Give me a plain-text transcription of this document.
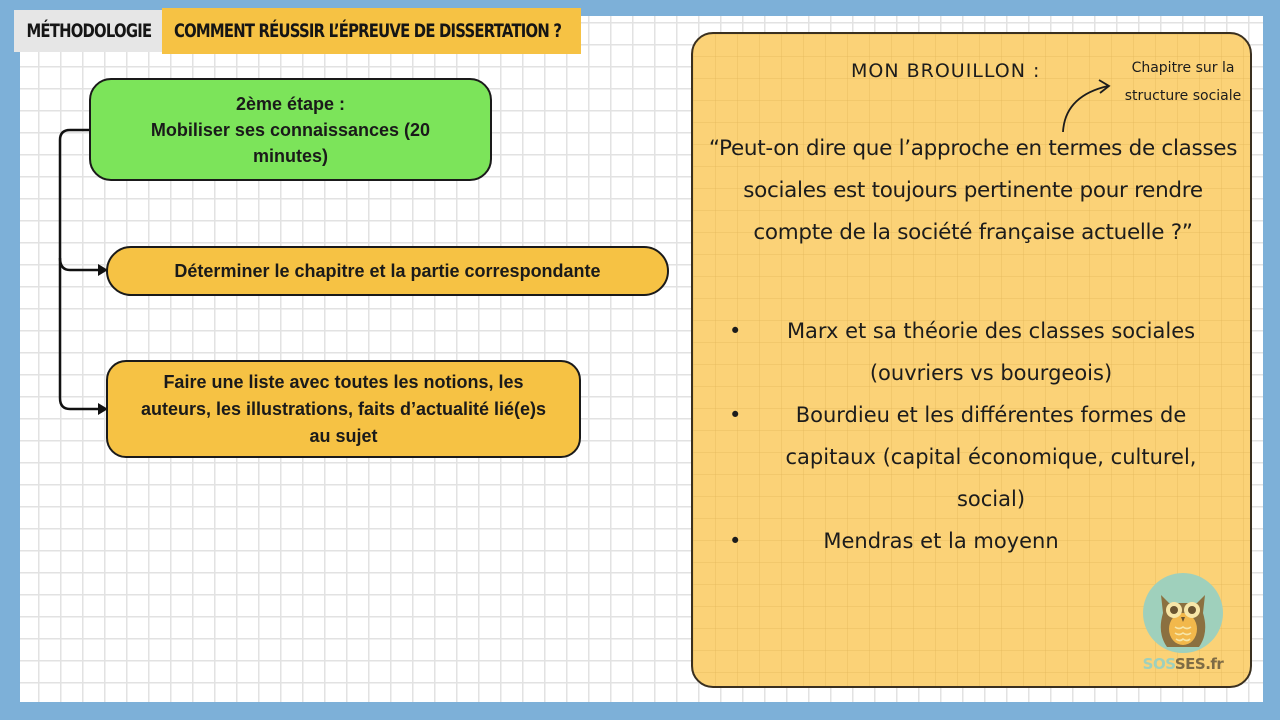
MÉTHODOLOGIE COMMENT RÉUSSIR L’ÉPREUVE DE DISSERTATION ?
2ème étape :
Mobiliser ses connaissances (20 minutes)
Déterminer le chapitre et la partie correspondante
Faire une liste avec toutes les notions, les auteurs, les illustrations, faits d’actualité lié(e)s au sujet
MON BROUILLON :	Chapitre sur la structure sociale
“Peut-on dire que l’approche en termes de classes sociales est toujours pertinente pour rendre compte de la société française actuelle ?”
• Marx et sa théorie des classes sociales (ouvriers vs bourgeois)
•	Bourdieu et les différentes formes de capitaux (capital économique, culturel, social)
•	Mendras et la moyenn
SOSSES.fr
